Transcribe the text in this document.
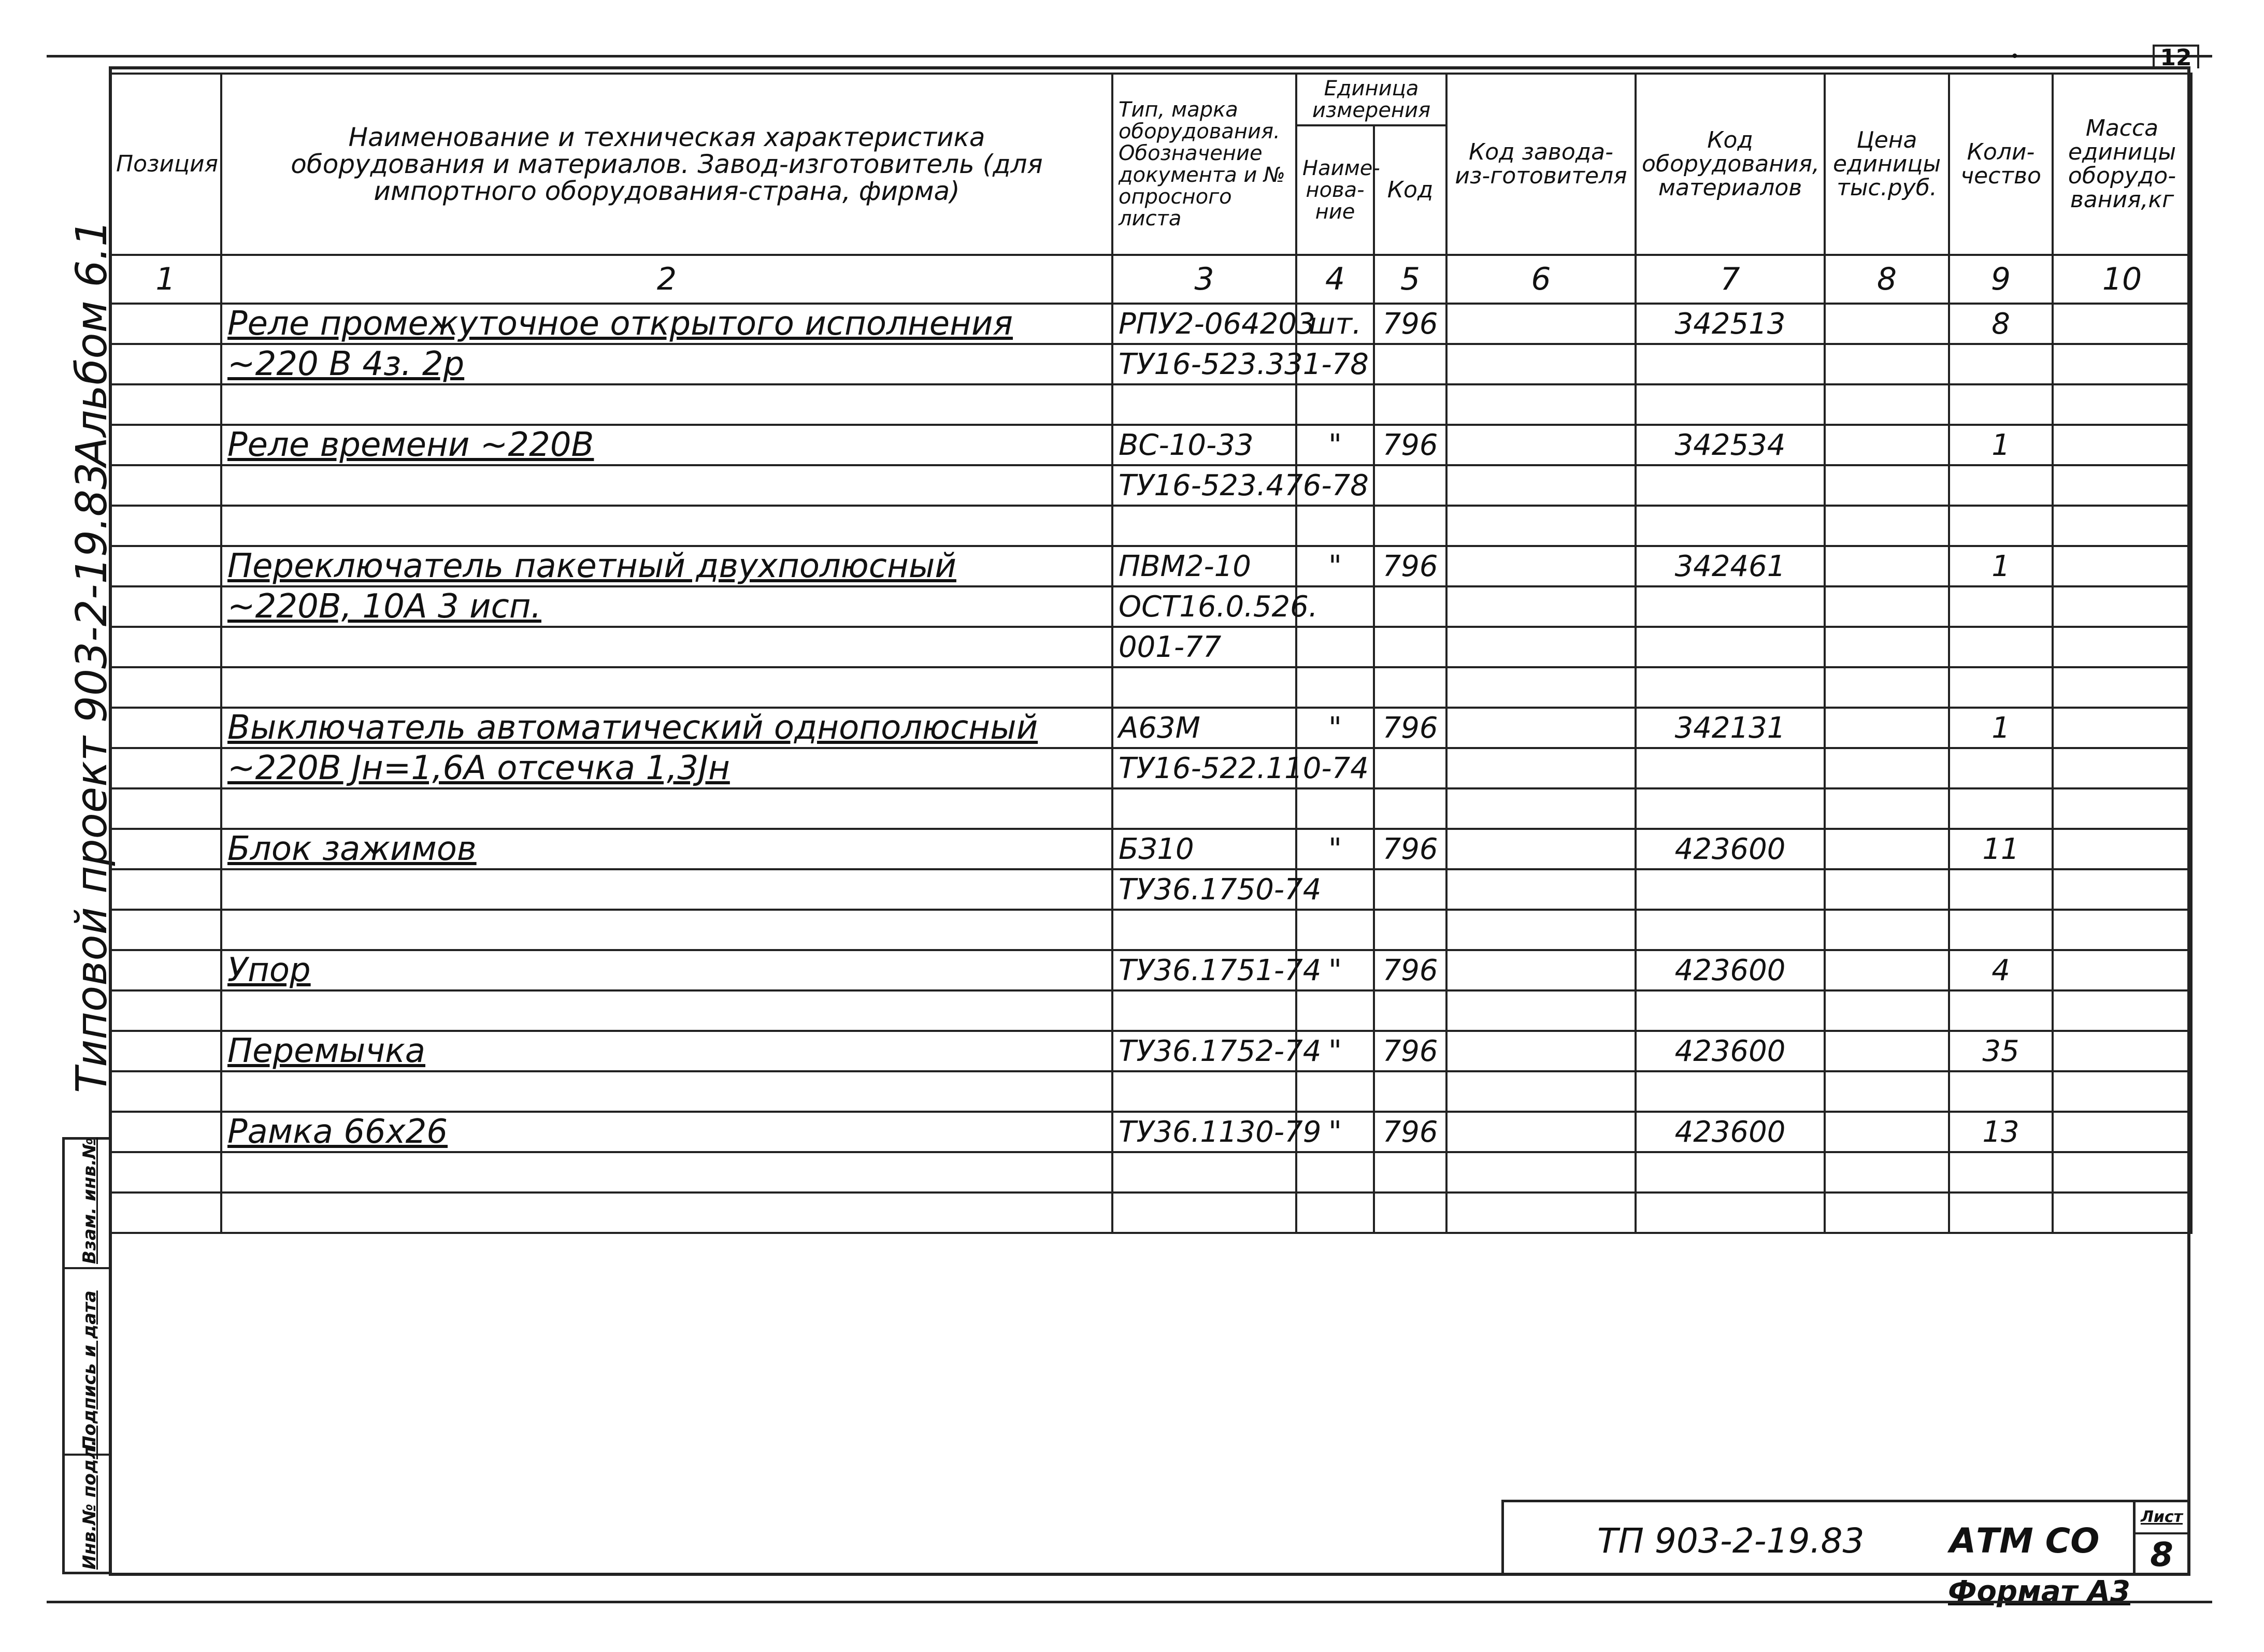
•	12
Альбом 6.1
Типовой проект 903-2-19.83
Взам. инв.№
Подпись и дата
Инв.№ подл.
Позиция	Наименование и техническая характеристика оборудования и материалов. Завод-изготовитель (для импортного оборудования-страна, фирма)	Тип, марка оборудования. Обозначение документа и № опросного листа	Единица измерения		Код завода-из-готовителя	Код оборудования, материалов	Цена единицы тыс.руб.	Коли-чество	Масса единицы оборудо-вания,кг
			Наиме-нова-ние	Код					
1	2	3	4	5	6	7	8	9	10
	Реле промежуточное открытого исполнения	РПУ2-064203	шт.	796		342513		8	
	~220 В 4з. 2р	ТУ16-523.331-78							

	Реле времени ~220В	ВС-10-33	"	796		342534		1	
		ТУ16-523.476-78							

	Переключатель пакетный двухполюсный	ПВМ2-10	"	796		342461		1	
	~220В, 10А 3 исп.	ОСТ16.0.526.							
		001-77							

	Выключатель автоматический однополюсный	А63М	"	796		342131		1	
	~220В Jн=1,6А отсечка 1,3Jн	ТУ16-522.110-74							

	Блок зажимов	БЗ10	"	796		423600		11	
		ТУ36.1750-74							

	Упор	ТУ36.1751-74	"	796		423600		4	

	Перемычка	ТУ36.1752-74	"	796		423600		35	

	Рамка 66х26	ТУ36.1130-79	"	796		423600		13	

ТП 903-2-19.83 АТМ СО
Лист
8
Формат А3
